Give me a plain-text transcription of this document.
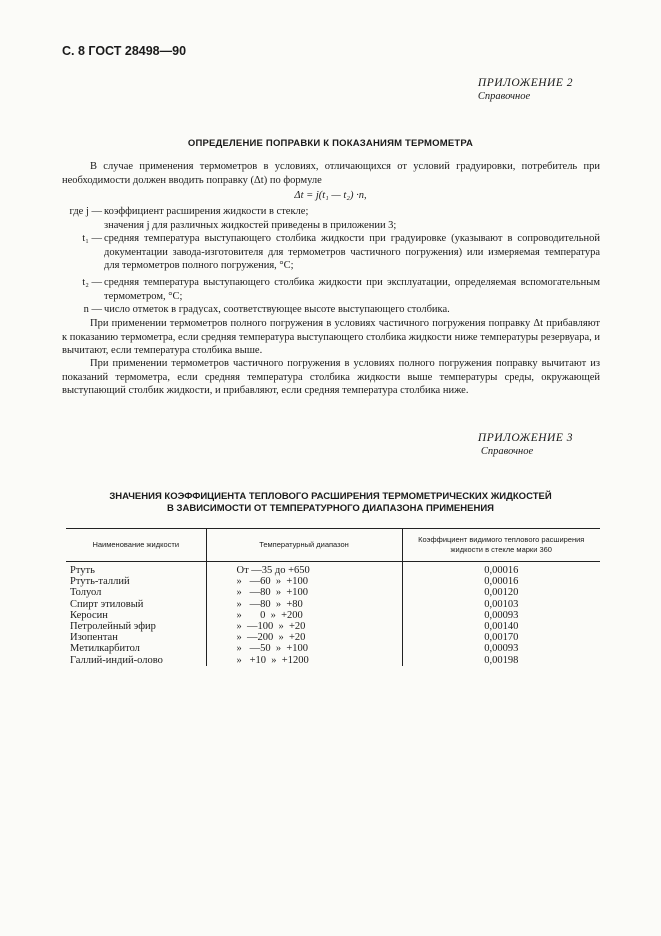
С. 8 ГОСТ 28498—90
ПРИЛОЖЕНИЕ 2
Справочное
ОПРЕДЕЛЕНИЕ ПОПРАВКИ К ПОКАЗАНИЯМ ТЕРМОМЕТРА

В случае применения термометров в условиях, отличающихся от условий градуировки, потребитель при необходимости должен вводить поправку (Δt) по формуле

Δt = j(t₁ — t₂) ·n,
где j — коэффициент расширения жидкости в стекле;
значения j для различных жидкостей приведены в приложении 3;
t₁ — средняя температура выступающего столбика жидкости при градуировке (указывают в сопроводительной документации завода-изготовителя для термометров частичного погружения) или измеряемая температура для термометров полного погружения, °С;
t₂ — средняя температура выступающего столбика жидкости при эксплуатации, определяемая вспомогательным термометром, °С;
n — число отметок в градусах, соответствующее высоте выступающего столбика.

При применении термометров полного погружения в условиях частичного погружения поправку Δt прибавляют к показанию термометра, если средняя температура выступающего столбика жидкости ниже температуры резервуара, и вычитают, если температура столбика выше.

При применении термометров частичного погружения в условиях полного погружения поправку вычитают из показаний термометра, если средняя температура столбика жидкости выше температуры среды, окружающей выступающий столбик жидкости, и прибавляют, если средняя температура столбика ниже.

ПРИЛОЖЕНИЕ 3
Справочное
ЗНАЧЕНИЯ КОЭФФИЦИЕНТА ТЕПЛОВОГО РАСШИРЕНИЯ ТЕРМОМЕТРИЧЕСКИХ ЖИДКОСТЕЙ
В ЗАВИСИМОСТИ ОТ ТЕМПЕРАТУРНОГО ДИАПАЗОНА ПРИМЕНЕНИЯ
Наименование жидкости	Температурный диапазон	Коэффициент видимого теплового расширения жидкости в стекле марки 360
Ртуть	От —35 до +650	0,00016
Ртуть-таллий	»   —60  »  +100	0,00016
Толуол	»   —80  »  +100	0,00120
Спирт этиловый	»   —80  »  +80	0,00103
Керосин	»       0  »  +200	0,00093
Петролейный эфир	»  —100  »  +20	0,00140
Изопентан	»  —200  »  +20	0,00170
Метилкарбитол	»   —50  »  +100	0,00093
Галлий-индий-олово	»   +10  »  +1200	0,00198
